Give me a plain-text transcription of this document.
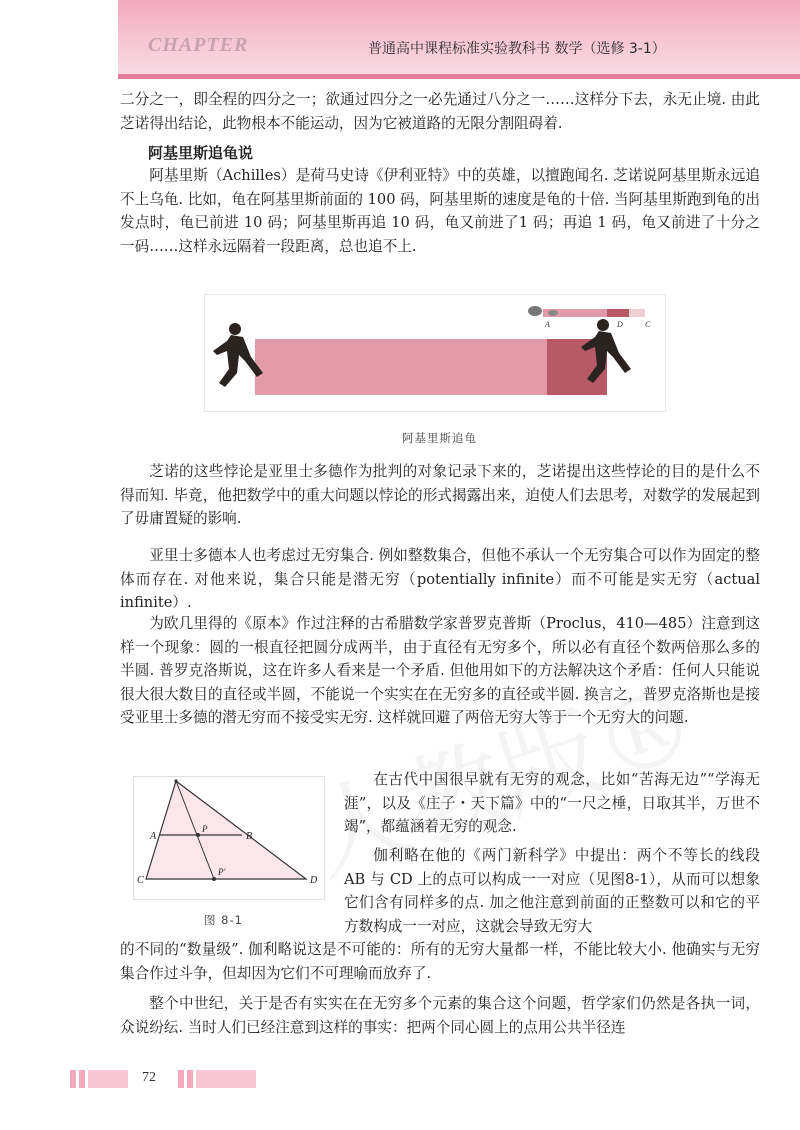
CHAPTER	普通高中课程标准实验教科书 数学（选修 3-1）

二分之一，即全程的四分之一；欲通过四分之一必先通过八分之一……这样分下去，永无止境. 由此芝诺得出结论，此物根本不能运动，因为它被道路的无限分割阻碍着.

阿基里斯追龟说

阿基里斯（Achilles）是荷马史诗《伊利亚特》中的英雄，以擅跑闻名. 芝诺说阿基里斯永远追不上乌龟. 比如，龟在阿基里斯前面的 100 码，阿基里斯的速度是龟的十倍. 当阿基里斯跑到龟的出发点时，龟已前进 10 码；阿基里斯再追 10 码，龟又前进了1 码；再追 1 码，龟又前进了十分之一码……这样永远隔着一段距离，总也追不上.

A	D	C
阿基里斯追龟

芝诺的这些悖论是亚里士多德作为批判的对象记录下来的，芝诺提出这些悖论的目的是什么不得而知. 毕竟，他把数学中的重大问题以悖论的形式揭露出来，迫使人们去思考，对数学的发展起到了毋庸置疑的影响.

亚里士多德本人也考虑过无穷集合. 例如整数集合，但他不承认一个无穷集合可以作为固定的整体而存在. 对他来说，集合只能是潜无穷（potentially infinite）而不可能是实无穷（actual infinite）.

为欧几里得的《原本》作过注释的古希腊数学家普罗克普斯（Proclus，410—485）注意到这样一个现象：圆的一根直径把圆分成两半，由于直径有无穷多个，所以必有直径个数两倍那么多的半圆. 普罗克洛斯说，这在许多人看来是一个矛盾. 但他用如下的方法解决这个矛盾：任何人只能说很大很大数目的直径或半圆，不能说一个实实在在无穷多的直径或半圆. 换言之，普罗克洛斯也是接受亚里士多德的潜无穷而不接受实无穷. 这样就回避了两倍无穷大等于一个无穷大的问题.

A	B
C	D
P
P′
图 8-1

在古代中国很早就有无穷的观念，比如“苦海无边”“学海无涯”，以及《庄子・天下篇》中的“一尺之棰，日取其半，万世不竭”，都蕴涵着无穷的观念.

伽利略在他的《两门新科学》中提出：两个不等长的线段 AB 与 CD 上的点可以构成一一对应（见图8-1），从而可以想象它们含有同样多的点. 加之他注意到前面的正整数可以和它的平方数构成一一对应，这就会导致无穷大

的不同的“数量级”. 伽利略说这是不可能的：所有的无穷大量都一样，不能比较大小. 他确实与无穷集合作过斗争，但却因为它们不可理喻而放弃了.

整个中世纪，关于是否有实实在在无穷多个元素的集合这个问题，哲学家们仍然是各执一词，众说纷纭. 当时人们已经注意到这样的事实：把两个同心圆上的点用公共半径连

72
